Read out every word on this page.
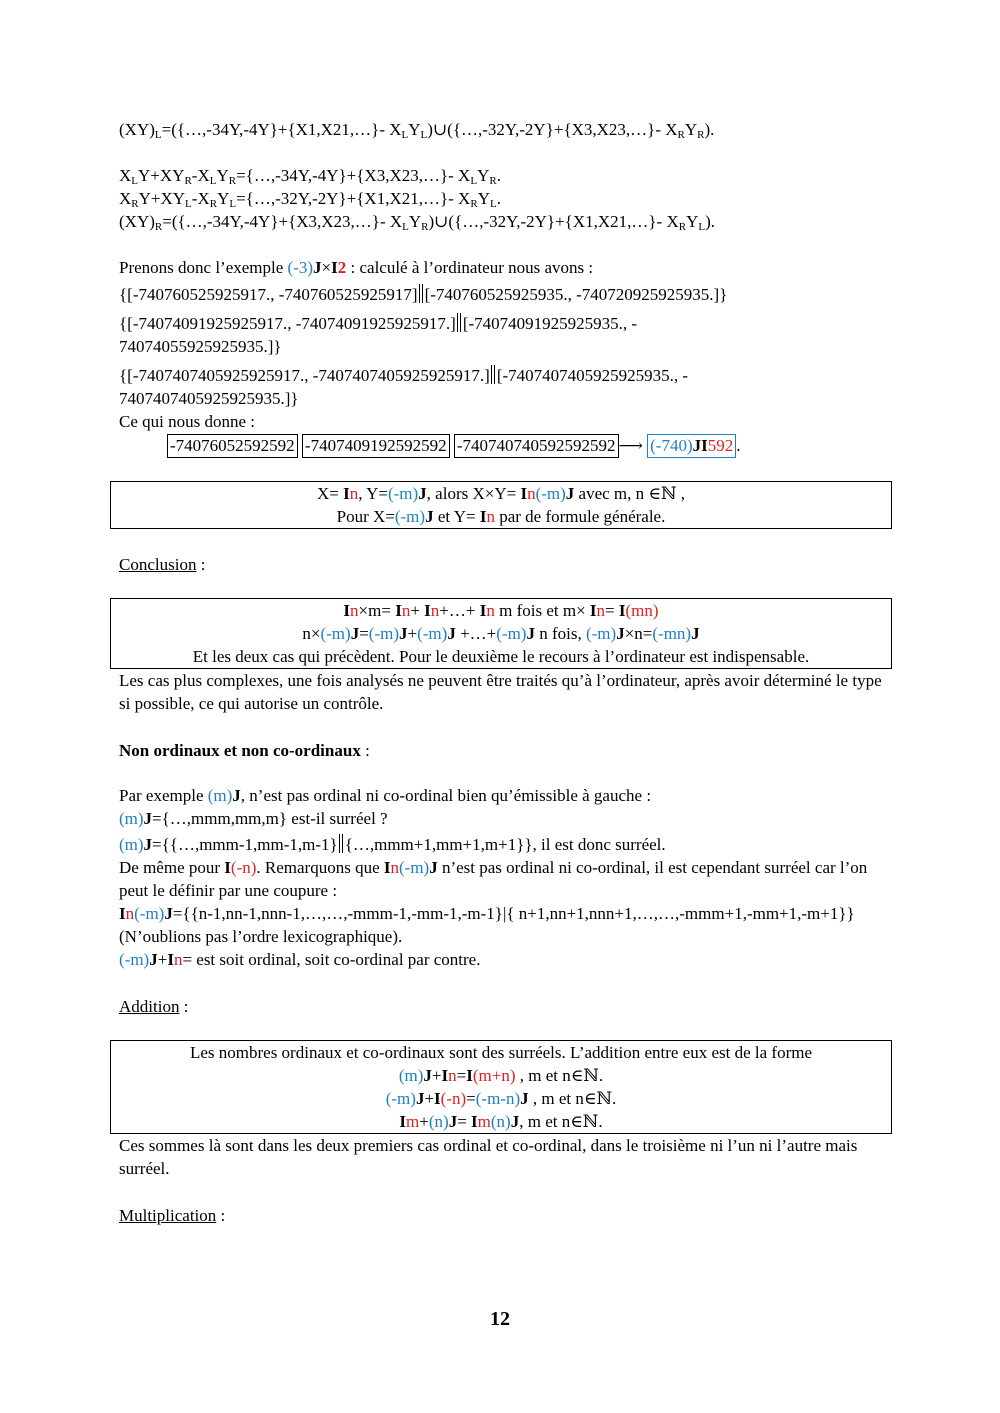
$(XY)_L=(\{\dots,-34Y,-4Y\}+\{X1,X21,\dots\}-$ $X_LY_L)\cup(\{\dots,-32Y,-2Y\}+\{X3,X23,\dots\}-$ $X_RY_R$).

$X_LY+XY_R-X_LY_R=\{\dots,-34Y,-4Y\}+\{X3,X23,\dots\}-$ $X_LY_R$.

$X_RY+XY_L-X_RY_L=\{\dots,-32Y,-2Y\}+\{X1,X21,\dots\}-$ $X_RY_L$.

$(XY)_R=(\{\dots,-34Y,-4Y\}+\{X3,X23,\dots\}-$ $X_LY_R)\cup(\{\dots,-32Y,-2Y\}+\{X1,X21,\dots\}-$ $X_RY_L$).

Prenons donc l’exemple (-3)J×I2 : calculé à l’ordinateur nous avons :

{[-740760525925917., -740760525925917] [-740760525925935., -740720925925935.]}

{[-74074091925925917., -74074091925925917.] [-74074091925925935., -

74074055925925935.]}

{[-7407407405925925917., -7407407405925925917.] [-7407407405925925935., -

7407407405925925935.]}

Ce qui nous donne :

-74076052592592 -7407409192592592 -740740740592592592 ⟶ (-740)JI592 .
X= In, Y=(-m)J, alors X×Y= In(-m)J avec m, n ∈ℕ ,
Pour X=(-m)J et Y= In par de formule générale.

Conclusion :

In×m= In+ In+…+ In m fois et m× In= I(mn)
n×(-m)J=(-m)J+(-m)J +…+(-m)J n fois, (-m)J×n=(-mn)J
Et les deux cas qui précèdent. Pour le deuxième le recours à l’ordinateur est indispensable.

Les cas plus complexes, une fois analysés ne peuvent être traités qu’à l’ordinateur, après avoir déterminé le type si possible, ce qui autorise un contrôle.

Non ordinaux et non co-ordinaux :

Par exemple (m)J, n’est pas ordinal ni co-ordinal bien qu’émissible à gauche :

(m)J={…,mmm,mm,m} est-il surréel ?

(m)J={{…,mmm-1,mm-1,m-1} {…,mmm+1,mm+1,m+1}}, il est donc surréel.

De même pour I(-n). Remarquons que In(-m)J n’est pas ordinal ni co-ordinal, il est cependant surréel car l’on peut le définir par une coupure :

In(-m)J={{n-1,nn-1,nnn-1,…,…,-mmm-1,-mm-1,-m-1}|{ n+1,nn+1,nnn+1,…,…,-mmm+1,-mm+1,-m+1}} (N’oublions pas l’ordre lexicographique).

(-m)J+In= est soit ordinal, soit co-ordinal par contre.

Addition :

Les nombres ordinaux et co-ordinaux sont des surréels. L’addition entre eux est de la forme
(m)J+In=I(m+n) , m et n∈ℕ.
(-m)J+I(-n)=(-m-n)J , m et n∈ℕ.
Im+(n)J= Im(n)J, m et n∈ℕ.

Ces sommes là sont dans les deux premiers cas ordinal et co-ordinal, dans le troisième ni l’un ni l’autre mais surréel.

Multiplication :

12
